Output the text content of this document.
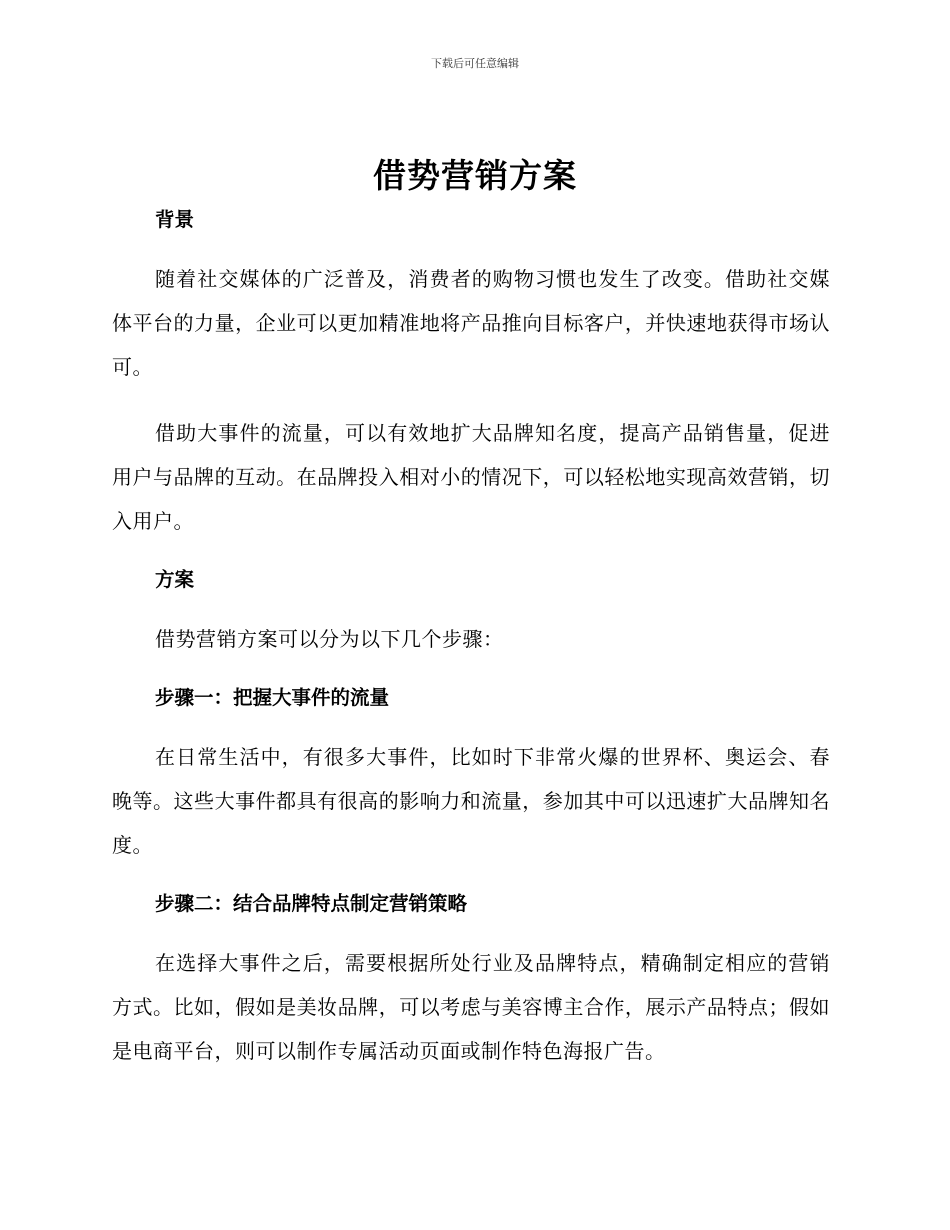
下载后可任意编辑
借势营销方案
背景

随着社交媒体的广泛普及，消费者的购物习惯也发生了改变。借助社交媒体平台的力量，企业可以更加精准地将产品推向目标客户，并快速地获得市场认可。

借助大事件的流量，可以有效地扩大品牌知名度，提高产品销售量，促进用户与品牌的互动。在品牌投入相对小的情况下，可以轻松地实现高效营销，切入用户。

方案

借势营销方案可以分为以下几个步骤：

步骤一：把握大事件的流量

在日常生活中，有很多大事件，比如时下非常火爆的世界杯、奥运会、春晚等。这些大事件都具有很高的影响力和流量，参加其中可以迅速扩大品牌知名度。

步骤二：结合品牌特点制定营销策略

在选择大事件之后，需要根据所处行业及品牌特点，精确制定相应的营销方式。比如，假如是美妆品牌，可以考虑与美容博主合作，展示产品特点；假如是电商平台，则可以制作专属活动页面或制作特色海报广告。
